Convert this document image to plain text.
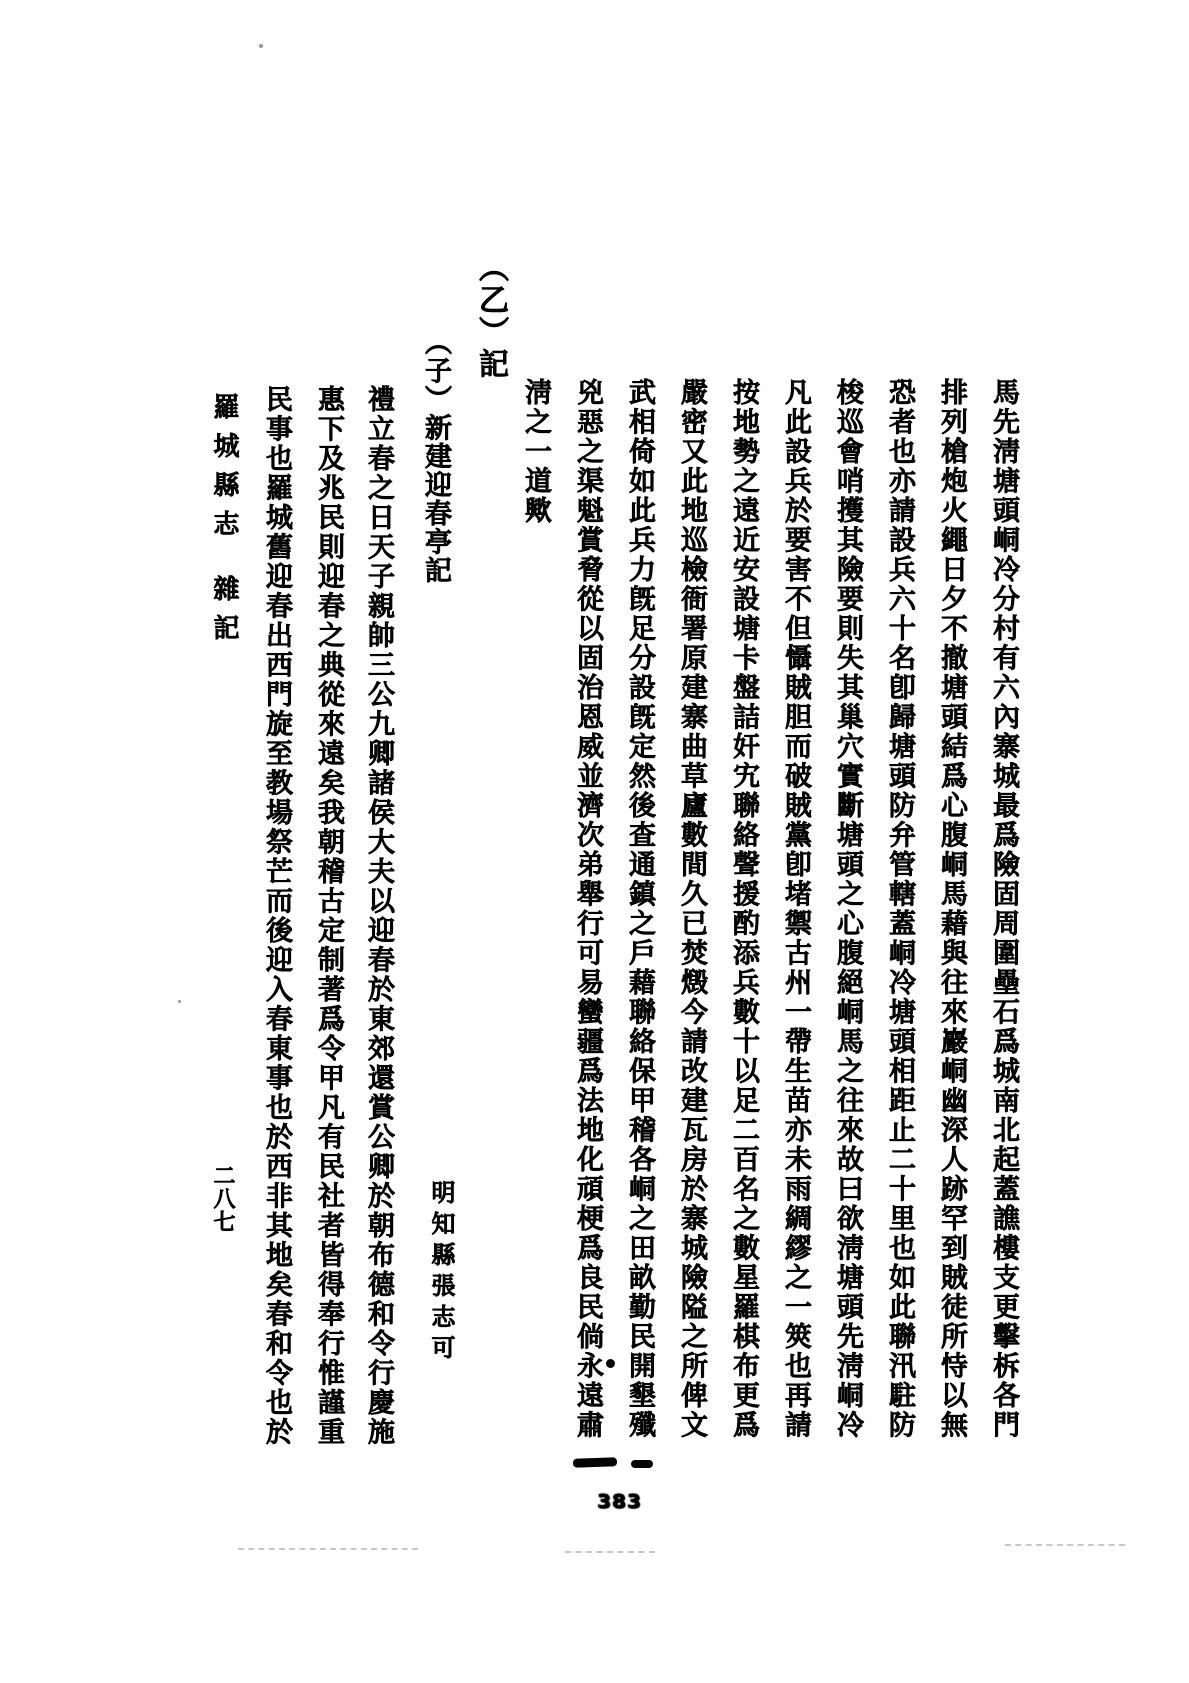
馬先淸塘頭峒冷分村有六內寨城最爲險固周圍壘石爲城南北起蓋譙樓支更擊柝各門
排列槍炮火繩日夕不撤塘頭結爲心腹峒馬藉與往來巖峒幽深人跡罕到賊徒所恃以無
恐者也亦請設兵六十名卽歸塘頭防弁管轄蓋峒冷塘頭相距止二十里也如此聯汛駐防
梭巡會哨擭其險要則失其巢穴實斷塘頭之心腹絕峒馬之往來故曰欲淸塘頭先淸峒冷
凡此設兵於要害不但懾賊胆而破賊黨卽堵禦古州一帶生苗亦未雨綢繆之一筴也再請
按地勢之遠近安設塘卡盤詰奸宄聯絡聲援酌添兵數十以足二百名之數星羅棋布更爲
嚴密又此地巡檢衙署原建寨曲草廬數間久已焚燬今請改建瓦房於寨城險隘之所俾文
武相倚如此兵力旣足分設旣定然後查通鎮之戶藉聯絡保甲稽各峒之田畝勤民開墾殲
兇惡之渠魁賞脅從以固治恩威並濟次弟舉行可易蠻疆爲法地化頑梗爲良民倘永遠肅
淸之一道歟
（乙）記
（子）新建迎春亭記
明知縣張志可
禮立春之日天子親帥三公九卿諸侯大夫以迎春於東郊還賞公卿於朝布德和令行慶施
惠下及兆民則迎春之典從來遠矣我朝稽古定制著爲令甲凡有民社者皆得奉行惟謹重
民事也羅城舊迎春出西門旋至教場祭芒而後迎入春東事也於西非其地矣春和令也於
羅城縣志
雜記
二八七
383
